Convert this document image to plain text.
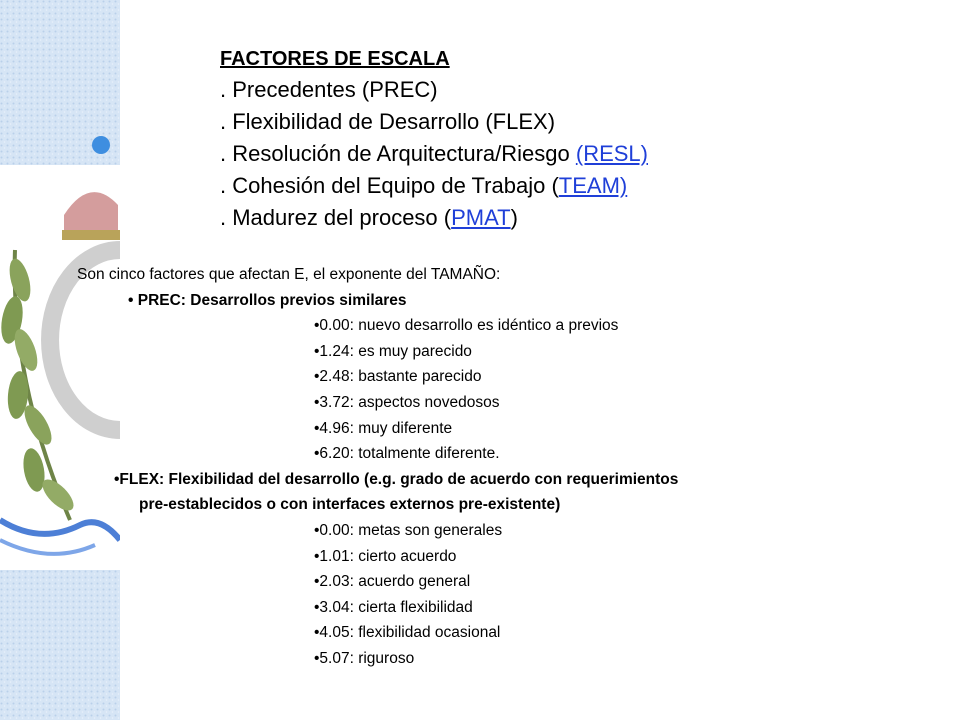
FACTORES DE ESCALA
. Precedentes (PREC)
. Flexibilidad de Desarrollo (FLEX)
. Resolución de Arquitectura/Riesgo (RESL)
. Cohesión del Equipo de Trabajo (TEAM)
. Madurez del proceso (PMAT)
Son cinco factores que afectan E, el exponente del TAMAÑO:
• PREC: Desarrollos previos similares
•0.00: nuevo desarrollo es idéntico a previos
•1.24: es muy parecido
•2.48: bastante parecido
•3.72: aspectos novedosos
•4.96: muy diferente
•6.20: totalmente diferente.
•FLEX: Flexibilidad del desarrollo (e.g. grado de acuerdo con requerimientos
pre-establecidos o con interfaces externos pre-existente)
•0.00: metas son generales
•1.01: cierto acuerdo
•2.03: acuerdo general
•3.04: cierta flexibilidad
•4.05: flexibilidad ocasional
•5.07: riguroso
